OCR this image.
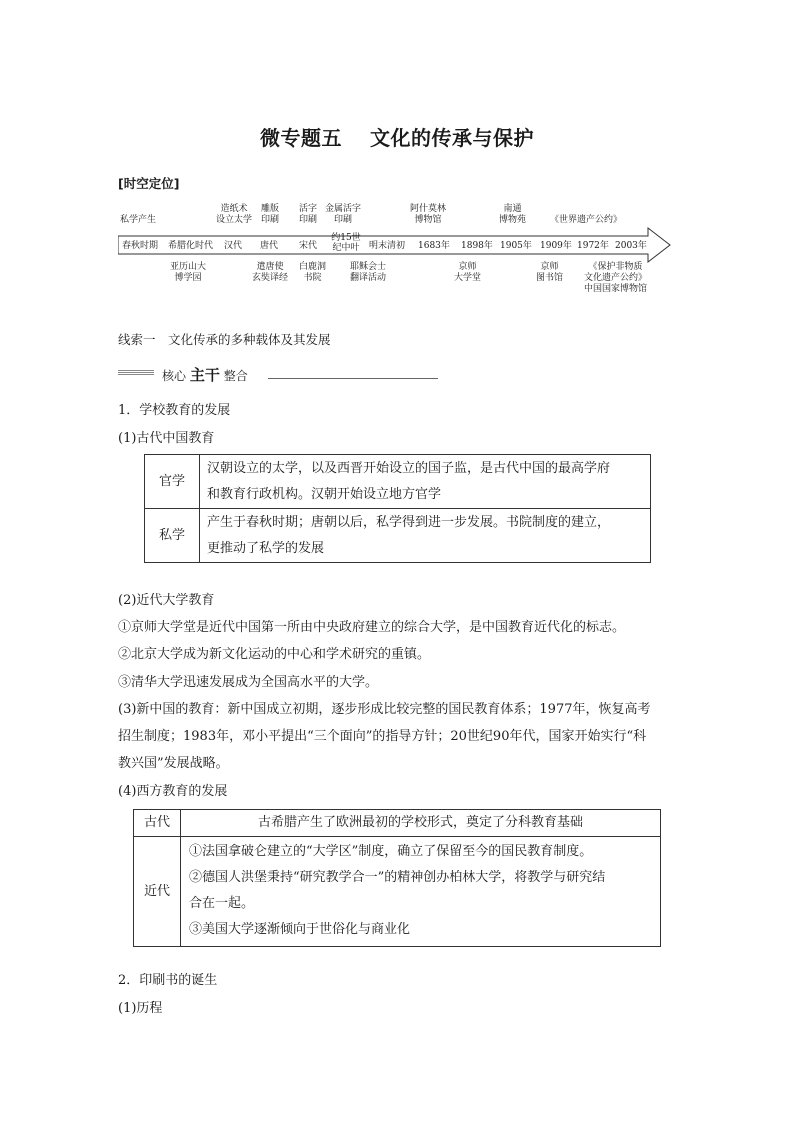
微专题五 文化的传承与保护
[时空定位]
春秋时期 希腊化时代 汉代 唐代 宋代
约15世纪中叶	明末清初 1683年 1898年 1905年 1909年 1972年 2003年
私学产生
造纸术
设立太学
雕版
印刷
活字
印刷
金属活字
印刷
阿什莫林
博物馆
南通
博物苑	《世界遗产公约》
亚历山大
博学园
遣唐使
玄奘译经
白鹿洞
书院
耶稣会士
翻译活动
京师
大学堂
京师
图书馆
《保护非物质
文化遗产公约》
中国国家博物馆
线索一　文化传承的多种载体及其发展
核心 主干 整合
1．学校教育的发展
(1)古代中国教育
官学	汉朝设立的太学，以及西晋开始设立的国子监，是古代中国的最高学府
和教育行政机构。汉朝开始设立地方官学

私学	产生于春秋时期；唐朝以后，私学得到进一步发展。书院制度的建立，
更推动了私学的发展
(2)近代大学教育
①京师大学堂是近代中国第一所由中央政府建立的综合大学，是中国教育近代化的标志。
②北京大学成为新文化运动的中心和学术研究的重镇。
③清华大学迅速发展成为全国高水平的大学。
(3)新中国的教育：新中国成立初期，逐步形成比较完整的国民教育体系；1977年，恢复高考
招生制度；1983年，邓小平提出“三个面向”的指导方针；20世纪90年代，国家开始实行“科
教兴国”发展战略。
(4)西方教育的发展
古代	古希腊产生了欧洲最初的学校形式，奠定了分科教育基础
近代	①法国拿破仑建立的“大学区”制度，确立了保留至今的国民教育制度。
②德国人洪堡秉持“研究教学合一”的精神创办柏林大学，将教学与研究结
合在一起。
③美国大学逐渐倾向于世俗化与商业化
2．印刷书的诞生
(1)历程
